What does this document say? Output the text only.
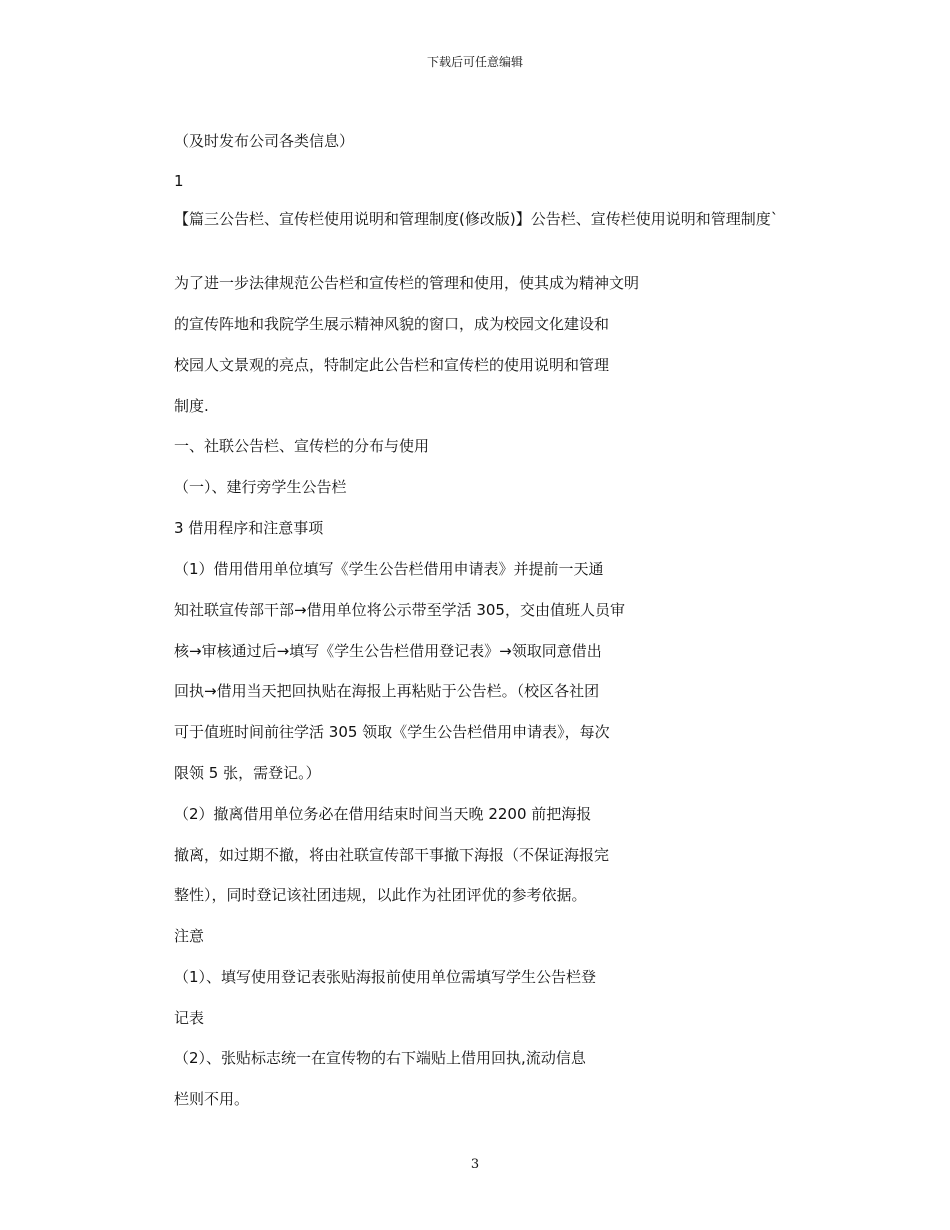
下载后可任意编辑
（及时发布公司各类信息）
1
【篇三公告栏、宣传栏使用说明和管理制度(修改版)】公告栏、宣传栏使用说明和管理制度`
为了进一步法律规范公告栏和宣传栏的管理和使用，使其成为精神文明
的宣传阵地和我院学生展示精神风貌的窗口，成为校园文化建设和
校园人文景观的亮点，特制定此公告栏和宣传栏的使用说明和管理
制度.
一、社联公告栏、宣传栏的分布与使用
（一）、建行旁学生公告栏
3 借用程序和注意事项
（1）借用借用单位填写《学生公告栏借用申请表》并提前一天通
知社联宣传部干部→借用单位将公示带至学活 305，交由值班人员审
核→审核通过后→填写《学生公告栏借用登记表》→领取同意借出
回执→借用当天把回执贴在海报上再粘贴于公告栏。（校区各社团
可于值班时间前往学活 305 领取《学生公告栏借用申请表》，每次
限领 5 张，需登记。）
（2）撤离借用单位务必在借用结束时间当天晚 2200 前把海报
撤离，如过期不撤，将由社联宣传部干事撤下海报（不保证海报完
整性），同时登记该社团违规，以此作为社团评优的参考依据。
注意
（1）、填写使用登记表张贴海报前使用单位需填写学生公告栏登
记表
（2）、张贴标志统一在宣传物的右下端贴上借用回执,流动信息
栏则不用。
3
